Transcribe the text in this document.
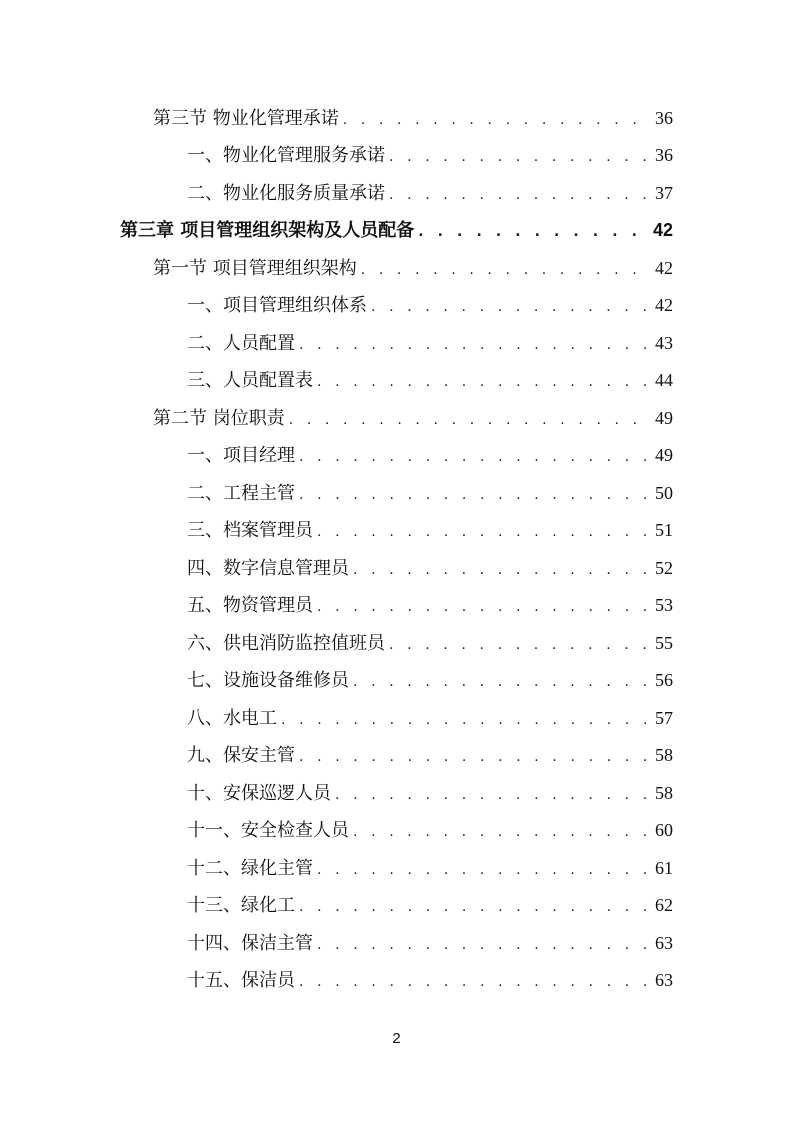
第三节 物业化管理承诺 . . .	36
一、物业化管理服务承诺 . . .	36
二、物业化服务质量承诺 . . .	37
第三章 项目管理组织架构及人员配备 . . .	42
第一节 项目管理组织架构 . . .	42
一、项目管理组织体系 . . .	42
二、人员配置 . . .	43
三、人员配置表 . . .	44
第二节 岗位职责 . . .	49
一、项目经理 . . .	49
二、工程主管 . . .	50
三、档案管理员 . . .	51
四、数字信息管理员 . . .	52
五、物资管理员 . . .	53
六、供电消防监控值班员 . . .	55
七、设施设备维修员 . . .	56
八、水电工 . . .	57
九、保安主管 . . .	58
十、安保巡逻人员 . . .	58
十一、安全检查人员 . . .	60
十二、绿化主管 . . .	61
十三、绿化工 . . .	62
十四、保洁主管 . . .	63
十五、保洁员 . . .	63
2
